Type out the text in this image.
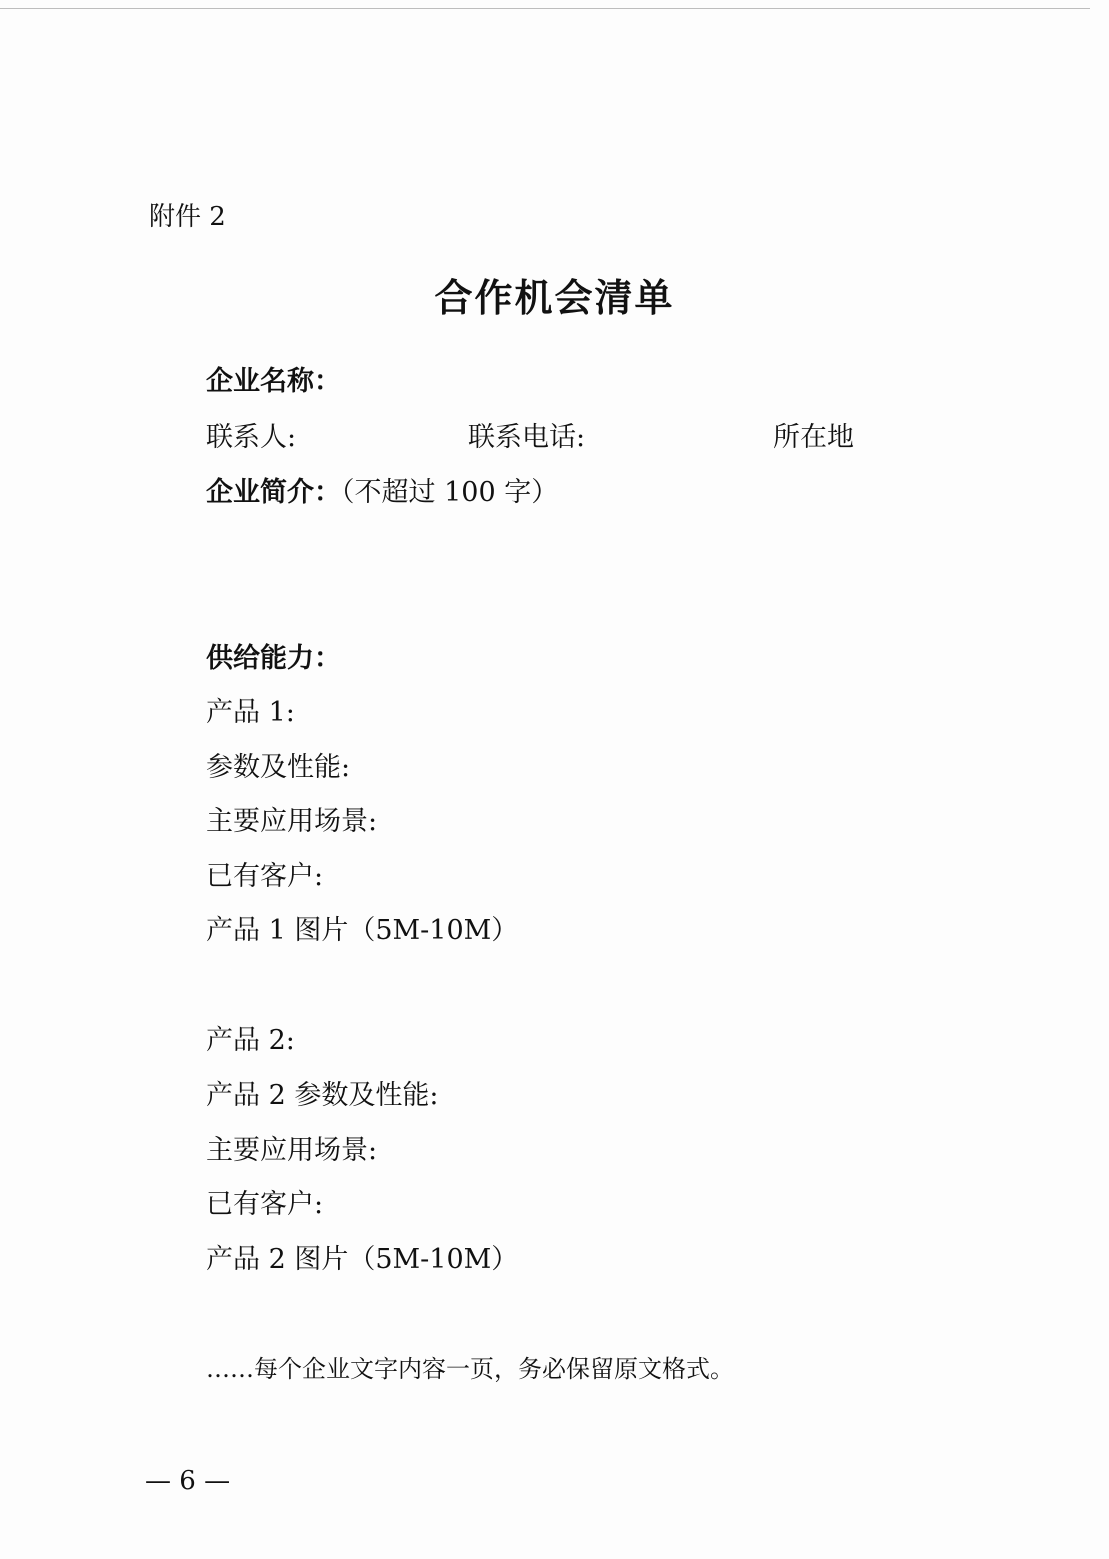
附件 2
合作机会清单
企业名称：
联系人:	联系电话:	所在地
企业简介：（不超过 100 字）
供给能力：
产品 1:
参数及性能:
主要应用场景:
已有客户:
产品 1 图片（5M-10M）
产品 2:
产品 2 参数及性能:
主要应用场景:
已有客户:
产品 2 图片（5M-10M）
……每个企业文字内容一页，务必保留原文格式。
— 6 —
